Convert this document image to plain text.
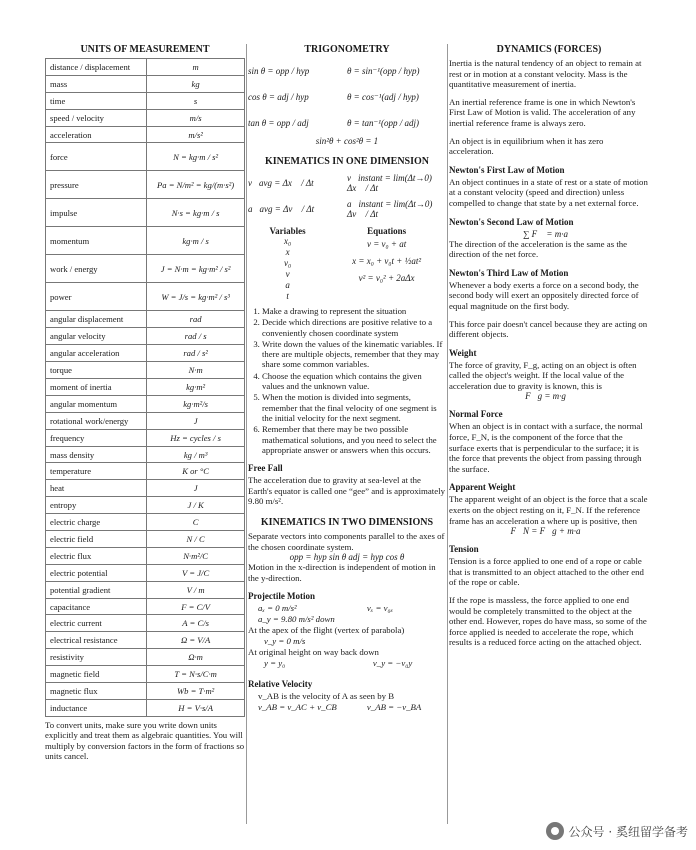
UNITS OF MEASUREMENT
distance / displacement	m
mass	kg
time	s
speed / velocity	m/s
acceleration	m/s²
force	N = kg·m / s²
pressure	Pa = N/m² = kg/(m·s²)
impulse	N·s = kg·m / s
momentum	kg·m / s
work / energy	J = N·m = kg·m² / s²
power	W = J/s = kg·m² / s³
angular displacement	rad
angular velocity	rad / s
angular acceleration	rad / s²
torque	N·m
moment of inertia	kg·m²
angular momentum	kg·m²/s
rotational work/energy	J
frequency	Hz = cycles / s
mass density	kg / m³
temperature	K or °C
heat	J
entropy	J / K
electric charge	C
electric field	N / C
electric flux	N·m²/C
electric potential	V = J/C
potential gradient	V / m
capacitance	F = C/V
electric current	A = C/s
electrical resistance	Ω = V/A
resistivity	Ω·m
magnetic field	T = N·s/C·m
magnetic flux	Wb = T·m²
inductance	H = V·s/A
To convert units, make sure you write down units explicitly and treat them as algebraic quantities. You will multiply by conversion factors in the form of fractions so units cancel.
TRIGONOMETRY
sin θ = opp / hyp	θ = sin⁻¹(opp / hyp)
cos θ = adj / hyp	θ = cos⁻¹(adj / hyp)
tan θ = opp / adj	θ = tan⁻¹(opp / adj)
sin²θ + cos²θ = 1
KINEMATICS IN ONE DIMENSION
v⃗avg = Δx⃗ / Δt	v⃗instant = lim(Δt→0) Δx⃗ / Δt
a⃗avg = Δv⃗ / Δt	a⃗instant = lim(Δt→0) Δv⃗ / Δt
Variables
x₀
x
v₀
v
a
t
Equations
v = v₀ + at
x = x₀ + v₀t + ½at²
v² = v₀² + 2aΔx
1. Make a drawing to represent the situation
2. Decide which directions are positive relative to a conveniently chosen coordinate system
3. Write down the values of the kinematic variables. If there are multiple objects, remember that they may share some common variables.
4. Choose the equation which contains the given values and the unknown value.
5. When the motion is divided into segments, remember that the final velocity of one segment is the initial velocity for the next segment.
6. Remember that there may be two possible mathematical solutions, and you need to select the appropriate answer or answers when this occurs.
Free Fall
The acceleration due to gravity at sea-level at the Earth's equator is called one “gee” and is approximately 9.80 m/s².
KINEMATICS IN TWO DIMENSIONS
Separate vectors into components parallel to the axes of the chosen coordinate system.
opp = hyp sin θ adj = hyp cos θ
Motion in the x-direction is independent of motion in the y-direction.
Projectile Motion
aₓ = 0 m/s²	vₓ = v₀ₓ
a_y = 9.80 m/s² down
At the apex of the flight (vertex of parabola)
v_y = 0 m/s
At original height on way back down
y = y₀	v_y = −v₀y
Relative Velocity
v_AB is the velocity of A as seen by B
v_AB = v_AC + v_CB	v_AB = −v_BA
DYNAMICS (FORCES)
Inertia is the natural tendency of an object to remain at rest or in motion at a constant velocity. Mass is the quantitative measurement of inertia.
An inertial reference frame is one in which Newton's First Law of Motion is valid. The acceleration of any inertial reference frame is always zero.
An object is in equilibrium when it has zero acceleration.
Newton's First Law of Motion
An object continues in a state of rest or a state of motion at a constant velocity (speed and direction) unless compelled to change that state by a net external force.
Newton's Second Law of Motion
∑ F⃗ = m·a⃗
The direction of the acceleration is the same as the direction of the net force.
Newton's Third Law of Motion
Whenever a body exerts a force on a second body, the second body will exert an oppositely directed force of equal magnitude on the first body.
This force pair doesn't cancel because they are acting on different objects.
Weight
The force of gravity, F_g, acting on an object is often called the object's weight. If the local value of the acceleration due to gravity is known, this is
F⃗g = m·g⃗
Normal Force
When an object is in contact with a surface, the normal force, F_N, is the component of the force that the surface exerts that is perpendicular to the surface; it is the force that prevents the object from passing through the surface.
Apparent Weight
The apparent weight of an object is the force that a scale exerts on the object resting on it, F_N. If the reference frame has an acceleration a where up is positive, then
F⃗N = F⃗g + m·a⃗
Tension
Tension is a force applied to one end of a rope or cable that is transmitted to an object attached to the other end of the rope or cable.
If the rope is massless, the force applied to one end would be completely transmitted to the object at the other end. However, ropes do have mass, so some of the force applied is needed to accelerate the rope, which results is a reduced force acting on the attached object.
公众号 · 奚纽留学备考
